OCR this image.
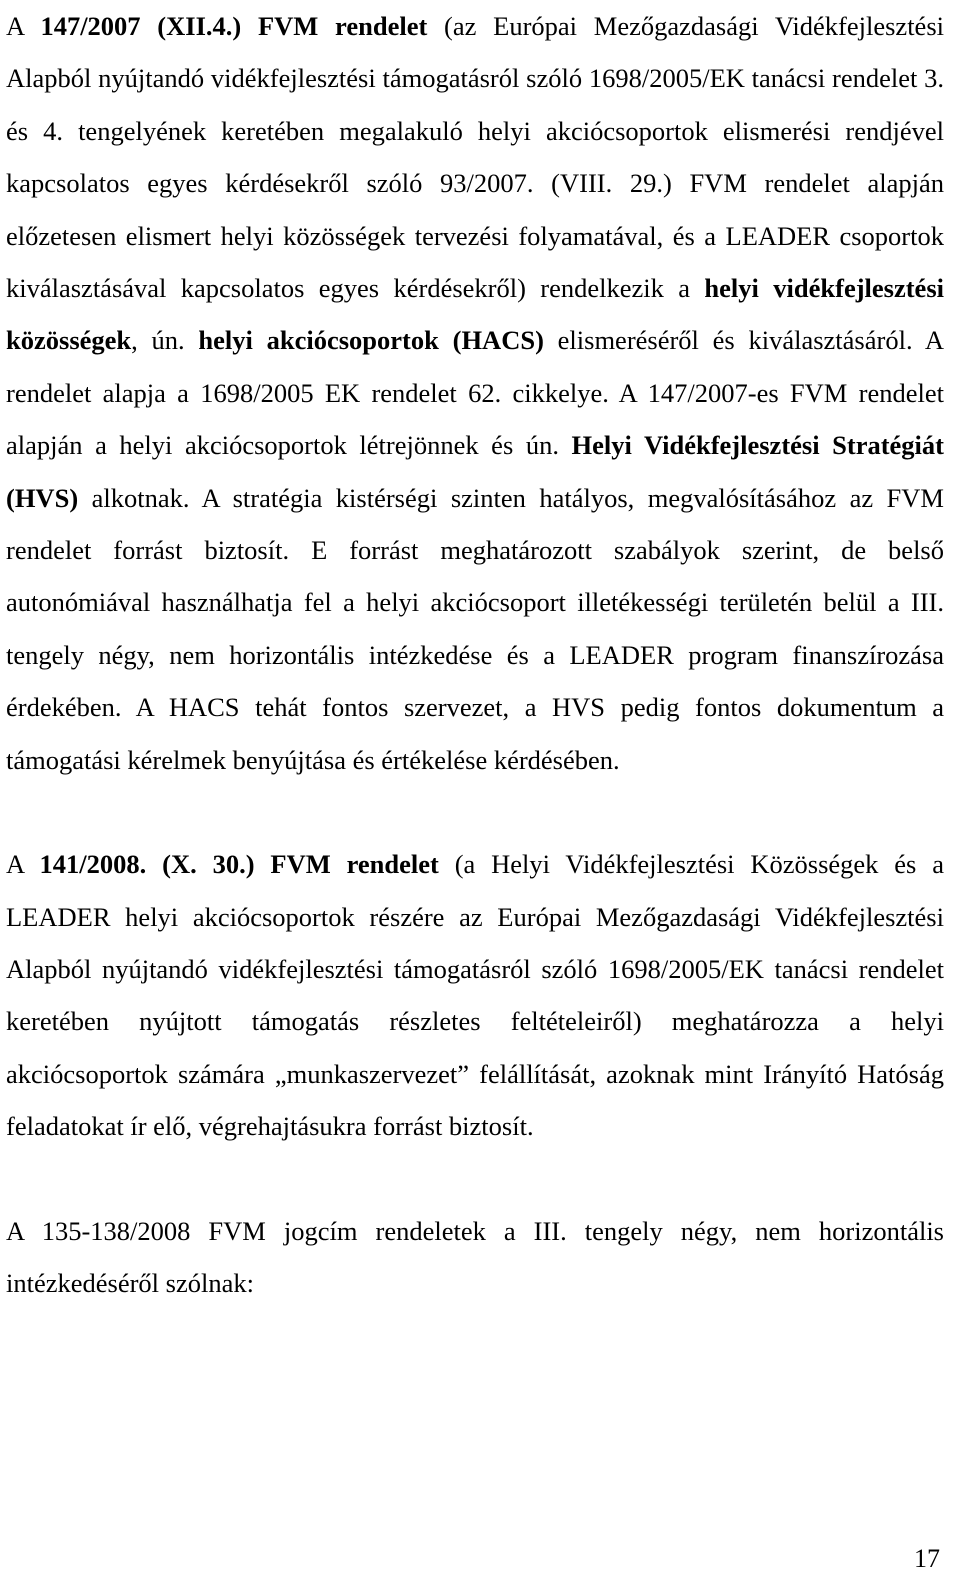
A 147/2007 (XII.4.) FVM rendelet (az Európai Mezőgazdasági Vidékfejlesztési Alapból nyújtandó vidékfejlesztési támogatásról szóló 1698/2005/EK tanácsi rendelet 3. és 4. tengelyének keretében megalakuló helyi akciócsoportok elismerési rendjével kapcsolatos egyes kérdésekről szóló 93/2007. (VIII. 29.) FVM rendelet alapján előzetesen elismert helyi közösségek tervezési folyamatával, és a LEADER csoportok kiválasztásával kapcsolatos egyes kérdésekről) rendelkezik a helyi vidékfejlesztési közösségek, ún. helyi akciócsoportok (HACS) elismeréséről és kiválasztásáról. A rendelet alapja a 1698/2005 EK rendelet 62. cikkelye. A 147/2007-es FVM rendelet alapján a helyi akciócsoportok létrejönnek és ún. Helyi Vidékfejlesztési Stratégiát (HVS) alkotnak. A stratégia kistérségi szinten hatályos, megvalósításához az FVM rendelet forrást biztosít. E forrást meghatározott szabályok szerint, de belső autonómiával használhatja fel a helyi akciócsoport illetékességi területén belül a III. tengely négy, nem horizontális intézkedése és a LEADER program finanszírozása érdekében. A HACS tehát fontos szervezet, a HVS pedig fontos dokumentum a támogatási kérelmek benyújtása és értékelése kérdésében.

A 141/2008. (X. 30.) FVM rendelet (a Helyi Vidékfejlesztési Közösségek és a LEADER helyi akciócsoportok részére az Európai Mezőgazdasági Vidékfejlesztési Alapból nyújtandó vidékfejlesztési támogatásról szóló 1698/2005/EK tanácsi rendelet keretében nyújtott támogatás részletes feltételeiről) meghatározza a helyi akciócsoportok számára „munkaszervezet” felállítását, azoknak mint Irányító Hatóság feladatokat ír elő, végrehajtásukra forrást biztosít.

A 135-138/2008 FVM jogcím rendeletek a III. tengely négy, nem horizontális intézkedéséről szólnak:

17
